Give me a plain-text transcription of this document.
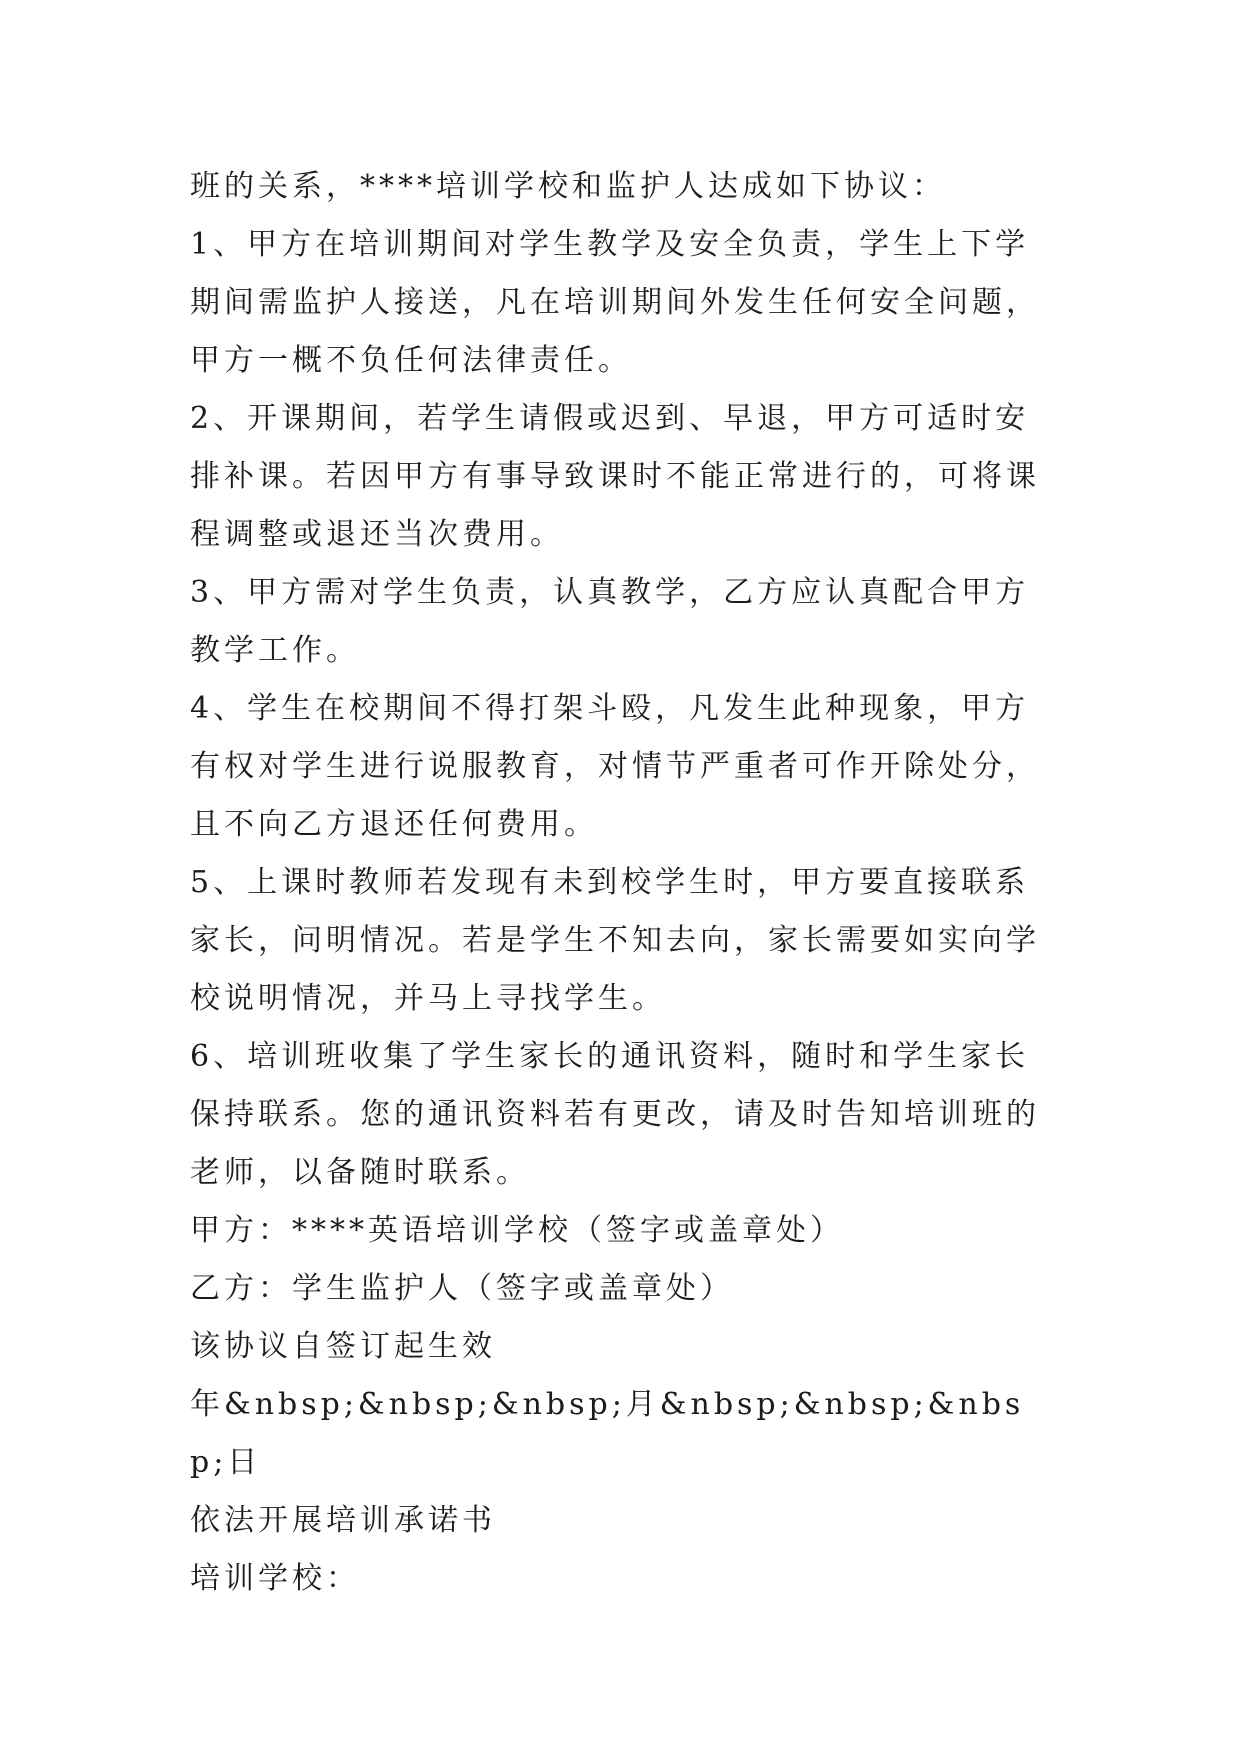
班的关系，****培训学校和监护人达成如下协议：

1、甲方在培训期间对学生教学及安全负责，学生上下学期间需监护人接送，凡在培训期间外发生任何安全问题，甲方一概不负任何法律责任。

2、开课期间，若学生请假或迟到、早退，甲方可适时安排补课。若因甲方有事导致课时不能正常进行的，可将课程调整或退还当次费用。

3、甲方需对学生负责，认真教学，乙方应认真配合甲方教学工作。

4、学生在校期间不得打架斗殴，凡发生此种现象，甲方有权对学生进行说服教育，对情节严重者可作开除处分，且不向乙方退还任何费用。

5、上课时教师若发现有未到校学生时，甲方要直接联系家长，问明情况。若是学生不知去向，家长需要如实向学校说明情况，并马上寻找学生。

6、培训班收集了学生家长的通讯资料，随时和学生家长保持联系。您的通讯资料若有更改，请及时告知培训班的老师，以备随时联系。

甲方：****英语培训学校（签字或盖章处）

乙方：学生监护人（签字或盖章处）

该协议自签订起生效

年&nbsp;&nbsp;&nbsp;月&nbsp;&nbsp;&nbsp;日

依法开展培训承诺书

培训学校：
